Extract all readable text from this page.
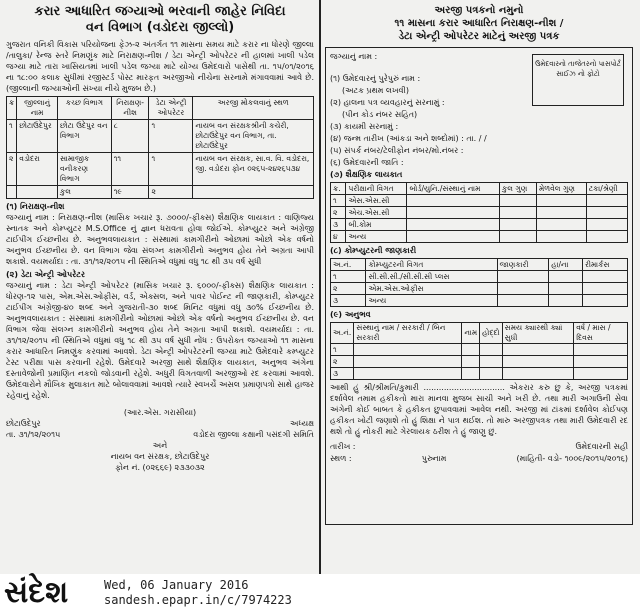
કરાર આધારિત જગ્યાઓ ભરવાની જાહેર નિવિદા
વન વિભાગ (વડોદરા જીલ્લો)
ગુજરાત વનિકી વિકાસ પરિયોજના ફેઝ-૨ અંતર્ગત ૧૧ માસના સમય માટે કરાર ના ધોરણે જીલ્લા /તાલુકા/ રેન્જ સ્તરે નિમણુંક માટે નિરાક્ષણ-નીશ / ડેટા એન્ટ્રી ઓપરેટર ની હાલમાં ખાલી પડેલ જગ્યા માટે તારા ખાસિયતમાં ખાલી પડેલ જગ્યા માટે યોગ્ય ઉમેદવારો પાસેથી તા. ૧૫/૦૧/૨૦૧૬ ના ૧૮:૦૦ કલાક સુધીમાં રજીસ્ટર્ડ પોસ્ટ મારફત અરજીઓ નીચેના સરનામે મંગાવવામાં આવે છે. (જીલ્લાની જગ્યાઓની સંખ્યા નીચે મુજબ છે.)
ક્ર	જીલ્લાનું નામ	કચ્છ વિભાગ	નિરાક્ષણ-નીશ	ડેટા એન્ટ્રી ઓપરેટર	અરજી મોકલવાનું સ્થળ
૧	છોટાઉદેપુર	છોટા ઉદેપુર વન વિભાગ	૮	૧	નાયબ વન સંરક્ષકશ્રીની કચેરી, છોટાઉદેપુર વન વિભાગ, તા. છોટાઉદેપુર
૨	વડોદરા	સામાજીક વનીકરણ વિભાગ	૧૧	૧	નાયબ વન સંરક્ષક, સા.વ. વિ. વડોદરા, જી. વડોદરા ફોન ૦૨૬૫-૨૪૨૬૫૩૪
		કુલ	૧૯	૨	
(૧) નિરાક્ષણ-નીશ
જગ્યાનું નામ : નિરાક્ષણ-નીશ (માસિક ખચાર રૂ. ૭૦૦૦/-ફીક્સ) શૈક્ષણિક લાયકાત : વાણિજ્ય સ્નાતક અને કોમ્પ્યુટર M.S.Office નું જ્ઞાન ધરાવતા હોવા જોઈએ. કોમ્પ્યુટર અને અંગ્રેજી ટાઈપીંગ ઈચ્છનીય છે. અનુભવલાયકાત : સંસ્થામાં કામગીરીનો ઓછામાં ઓછો એક વર્ષનો અનુભવ ઈચ્છનીય છે. વન વિભાગ જેવા સંલગ્ન કામગીરીનો અનુભવ હોય તેને અગ્રતા આપી શકાશે. વયમર્યાદા : તા. ૩૧/૧૨/૨૦૧૫ ની સ્થિતિએ વધુમાં વધુ ૧૮ થી ૩૫ વર્ષ સુધી
(૨) ડેટા એન્ટ્રી ઓપરેટર
જગ્યાનું નામ : ડેટા એન્ટ્રી ઓપરેટર (માસિક ખચાર રૂ. ૬૦૦૦/-ફીક્સ) શૈક્ષણિક લાયકાત : ધોરણ-૧૨ પાસ, એમ.એસ.ઓફીસ, વર્ડ, એક્સલ, અને પાવર પોઈન્ટ ની જાણકારી, કોમ્પ્યુટર ટાઈપીંગ અંગ્રેજી-૪૦ શબ્દ અને ગુજરાતી-૩૦ શબ્દ મિનિટ વધુમાં વધુ ૩૦% ઈચ્છનીય છે. અનુભવલાયકાત : સંસ્થામાં કામગીરીનો ઓછામાં ઓછો એક વર્ષનો અનુભવ ઈચ્છનીય છે. વન વિભાગ જેવા સંલગ્ન કામગીરીનો અનુભવ હોય તેને અગ્રતા આપી શકાશે. વયમર્યાદા : તા. ૩૧/૧૨/૨૦૧૫ ની સ્થિતિએ વધુમાં વધુ ૧૮ થી ૩૫ વર્ષ સુધી નોંધ : ઉપરોક્ત જગ્યાઓ ૧૧ માસના કરાર આધારિત નિમણુંક કરવામાં આવશે. ડેટા એન્ટ્રી ઓપરેટરની જગ્યા માટે ઉમેદવારે કમ્પ્યુટર ટેસ્ટ પરીક્ષા પાસ કરવાની રહેશે. ઉમેદવારે અરજી સાથે શૈક્ષણિક લાયકાત, અનુભવ અંગેના દસ્તાવેજોની પ્રમાણિત નકલો જોડવાની રહેશે. અધુરી વિગતવાળી અરજીઓ રદ કરવામાં આવશે. ઉમેદવારોને મૌખિક મુલાકાત માટે બોલાવવામાં આવશે ત્યારે સ્વખર્ચે અસલ પ્રમાણપત્રો સાથે હાજર રહેવાનું રહેશે.
(આર.એસ. ગરાસીયા)
છોટાઉદેપુર	અધ્યક્ષ
તા. ૩૧/૧૨/૨૦૧૫	વડોદરા જીલ્લા કક્ષાની પસંદગી સમિતિ
અને
નાયબ વન સંરક્ષક, છોટાઉદેપુર
ફોન નં. (૦૨૬૬૯) ૨૩૩૦૩૨
અરજી પત્રકનો નમુનો
૧૧ માસના કરાર આધારિત નિરાક્ષણ-નીશ /
ડેટા એન્ટ્રી ઓપરેટર માટેનું અરજી પત્રક
ઉમેદવારનો તાજેતરનો પાસપોર્ટ સાઈઝ નો ફોટો
જગ્યાનું નામ :
(૧) ઉમેદવારનું પુરેપુરું નામ :
(અટક પ્રથમ લખવી)
(૨) હાલના પત્ર વ્યવહારનું સરનામું :
(પીન કોડ નંબર સહિત)
(૩) કાયમી સરનામું :
(૪) જન્મ તારીખ (આંકડા અને શબ્દોમાં) : તા. / /
(૫) સંપર્ક નંબર/ટેલીફોન નંબર/મો.નંબર :
(૬) ઉમેદવારની જાતિ :
(૭) શૈક્ષણિક લાયકાત
ક્ર.	પરીક્ષાની વિગત	બોર્ડ/યુનિ./સંસ્થાનું નામ	કુલ ગુણ	મેળવેલ ગુણ	ટકા/શ્રેણી
૧	એસ.એસ.સી				
૨	એચ.એસ.સી				
૩	બી.કોમ				
૪	અન્ય				
(૮) કોમ્પ્યુટરની જાણકારી
અ.નં.	કોમ્પ્યુટરની વિગત	જાણકારી	હા/ના	રીમાર્કસ
૧	સી.સી.સી./સી.સી.સી પ્લસ			
૨	એમ.એસ.ઓફીસ			
૩	અન્ય			
(૯) અનુભવ
અ.નં.	સંસ્થાનું નામ / સરકારી / બિન સરકારી	નામ	હોદ્દો	સમય ક્યારથી ક્યાં સુધી	વર્ષ / માસ / દિવસ
૧					
૨					
૩					
આથી હું શ્રી/શ્રીમતિ/કુમારી ................................ એકરાર કરુ છુ કે, અરજી પત્રકમાં દર્શાવેલ તમામ હકીકતો મારા માનવા મુજબ સાચી અને ખરી છે. તથા મારી અગાઉની સેવા અંગેની કોઈ બાબત કે હકીકત છુપાવવામાં આવેલ નથી. અરજી માં ટાંકમાં દર્શાવેલ કોઈપણ હકીકત ખોટી જણાશે તો હું શિક્ષા ને પાત્ર થઈશ. તો મારુ અરજીપત્રક તથા મારી ઉમેદવારી રદ થશે તો હું નોકરી માટે ગેરલાયક ઠરીશ તે હું જાણુ છું.
તારીખ :	ઉમેદવારની સહી
સ્થળ :	પુરુનામ	(માહિતી- વડો- ૧૦૦૯/૨૦૧૫/૨૦૧૬)
સંદેશ	Wed, 06 January 2016
sandesh.epapr.in/c/7974223
